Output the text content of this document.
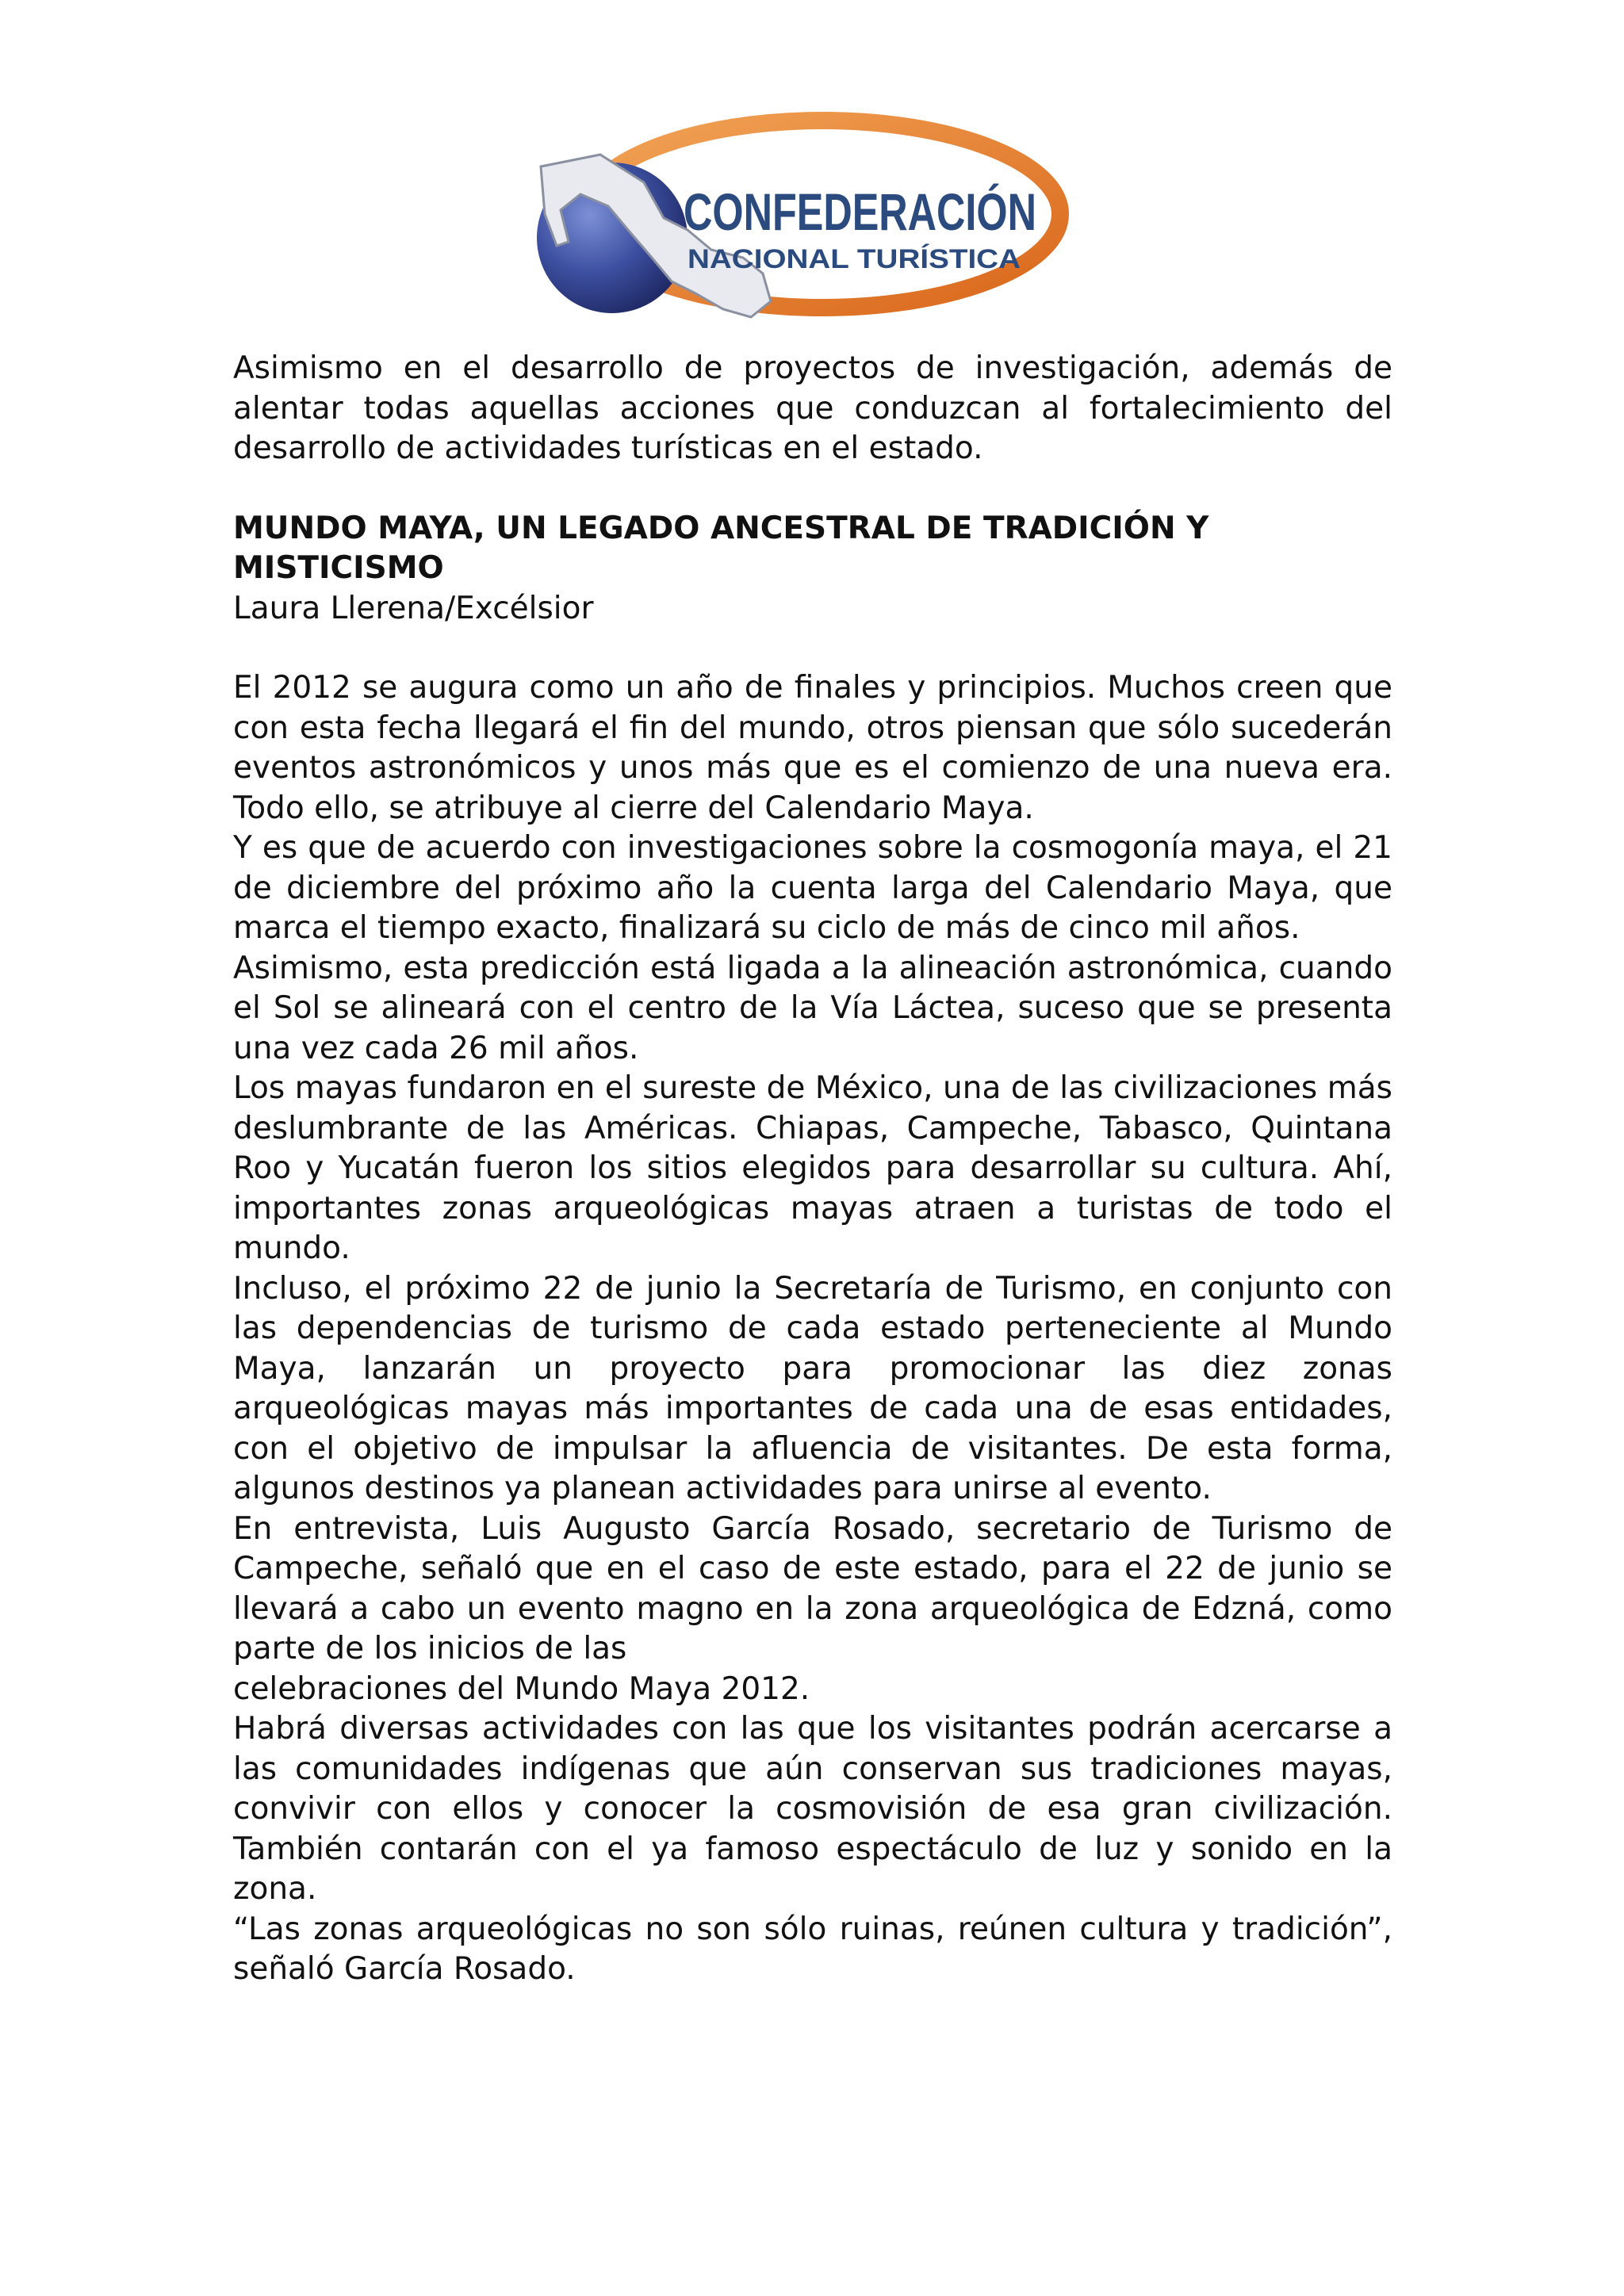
CONFEDERACIÓN
NACIONAL TURÍSTICA

Asimismo en el desarrollo de proyectos de investigación, además de alentar todas aquellas acciones que conduzcan al fortalecimiento del desarrollo de actividades turísticas en el estado.

MUNDO MAYA, UN LEGADO ANCESTRAL DE TRADICIÓN Y MISTICISMO

Laura Llerena/Excélsior

El 2012 se augura como un año de finales y principios. Muchos creen que con esta fecha llegará el fin del mundo, otros piensan que sólo sucederán eventos astronómicos y unos más que es el comienzo de una nueva era. Todo ello, se atribuye al cierre del Calendario Maya.

Y es que de acuerdo con investigaciones sobre la cosmogonía maya, el 21 de diciembre del próximo año la cuenta larga del Calendario Maya, que marca el tiempo exacto, finalizará su ciclo de más de cinco mil años.

Asimismo, esta predicción está ligada a la alineación astronómica, cuando el Sol se alineará con el centro de la Vía Láctea, suceso que se presenta una vez cada 26 mil años.

Los mayas fundaron en el sureste de México, una de las civilizaciones más deslumbrante de las Américas. Chiapas, Campeche, Tabasco, Quintana Roo y Yucatán fueron los sitios elegidos para desarrollar su cultura. Ahí, importantes zonas arqueológicas mayas atraen a turistas de todo el mundo.

Incluso, el próximo 22 de junio la Secretaría de Turismo, en conjunto con las dependencias de turismo de cada estado perteneciente al Mundo Maya, lanzarán un proyecto para promocionar las diez zonas arqueológicas mayas más importantes de cada una de esas entidades, con el objetivo de impulsar la afluencia de visitantes. De esta forma, algunos destinos ya planean actividades para unirse al evento.

En entrevista, Luis Augusto García Rosado, secretario de Turismo de Campeche, señaló que en el caso de este estado, para el 22 de junio se llevará a cabo un evento magno en la zona arqueológica de Edzná, como parte de los inicios de las

celebraciones del Mundo Maya 2012.

Habrá diversas actividades con las que los visitantes podrán acercarse a las comunidades indígenas que aún conservan sus tradiciones mayas, convivir con ellos y conocer la cosmovisión de esa gran civilización. También contarán con el ya famoso espectáculo de luz y sonido en la zona.

“Las zonas arqueológicas no son sólo ruinas, reúnen cultura y tradición”, señaló García Rosado.
